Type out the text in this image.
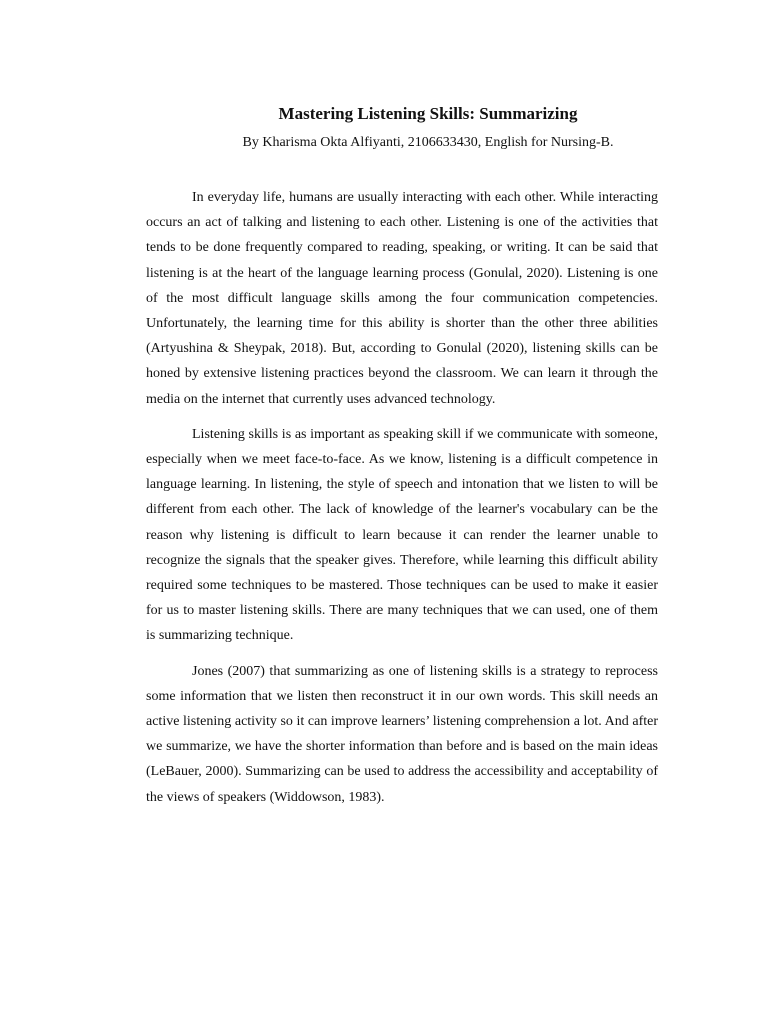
Mastering Listening Skills: Summarizing

By Kharisma Okta Alfiyanti, 2106633430, English for Nursing-B.

In everyday life, humans are usually interacting with each other. While interacting occurs an act of talking and listening to each other. Listening is one of the activities that tends to be done frequently compared to reading, speaking, or writing. It can be said that listening is at the heart of the language learning process (Gonulal, 2020). Listening is one of the most difficult language skills among the four communication competencies. Unfortunately, the learning time for this ability is shorter than the other three abilities (Artyushina & Sheypak, 2018). But, according to Gonulal (2020), listening skills can be honed by extensive listening practices beyond the classroom. We can learn it through the media on the internet that currently uses advanced technology.

Listening skills is as important as speaking skill if we communicate with someone, especially when we meet face-to-face. As we know, listening is a difficult competence in language learning. In listening, the style of speech and intonation that we listen to will be different from each other. The lack of knowledge of the learner's vocabulary can be the reason why listening is difficult to learn because it can render the learner unable to recognize the signals that the speaker gives. Therefore, while learning this difficult ability required some techniques to be mastered. Those techniques can be used to make it easier for us to master listening skills. There are many techniques that we can used, one of them is summarizing technique.

Jones (2007) that summarizing as one of listening skills is a strategy to reprocess some information that we listen then reconstruct it in our own words. This skill needs an active listening activity so it can improve learners’ listening comprehension a lot. And after we summarize, we have the shorter information than before and is based on the main ideas (LeBauer, 2000). Summarizing can be used to address the accessibility and acceptability of the views of speakers (Widdowson, 1983).
